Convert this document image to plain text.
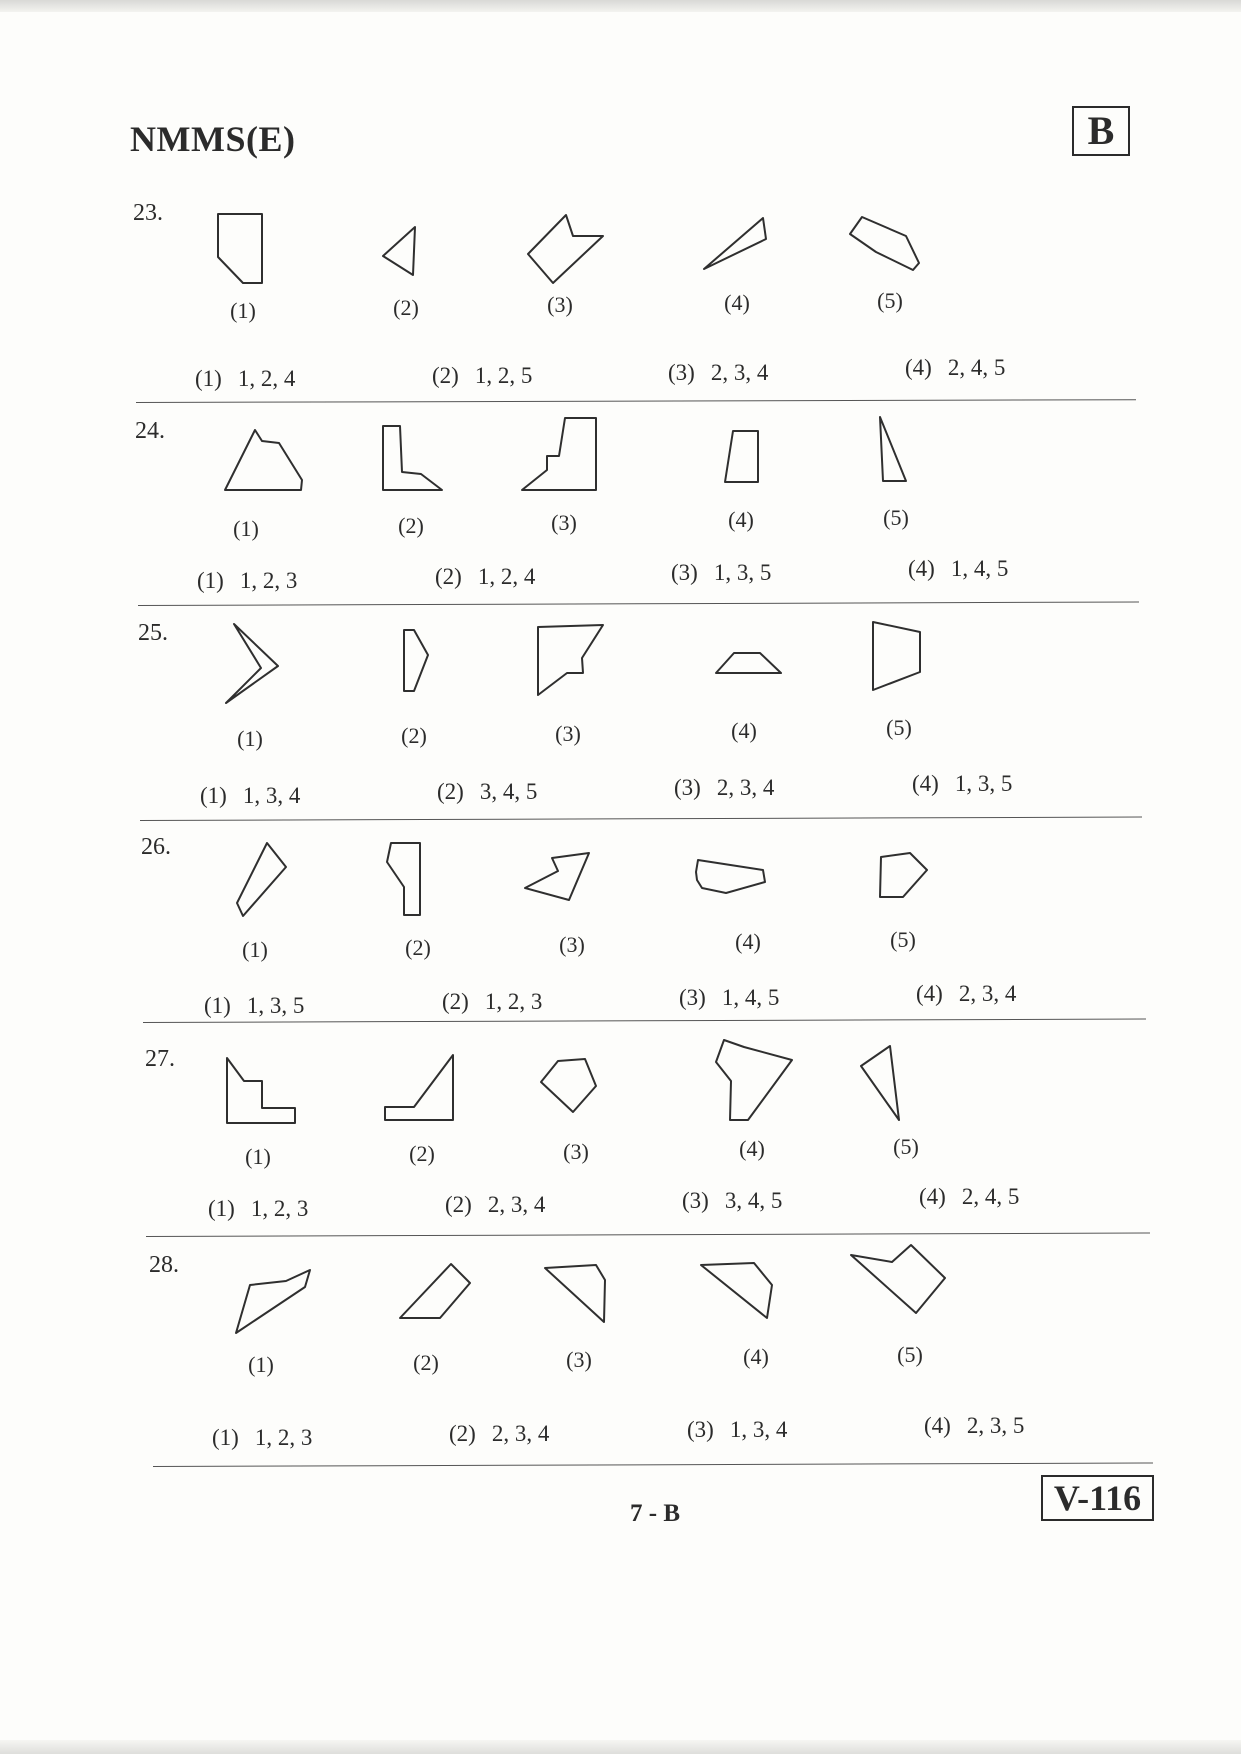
NMMS(E)	B
23.
(1)	(2)	(3)	(4)	(5)
(1) 1, 2, 4	(2) 1, 2, 5	(3) 2, 3, 4	(4) 2, 4, 5
24.
(1)	(2)	(3)	(4)	(5)
(1) 1, 2, 3	(2) 1, 2, 4	(3) 1, 3, 5	(4) 1, 4, 5
25.
(1)	(2)	(3)	(4)	(5)
(1) 1, 3, 4	(2) 3, 4, 5	(3) 2, 3, 4	(4) 1, 3, 5
26.
(1)	(2)	(3)	(4)	(5)
(1) 1, 3, 5	(2) 1, 2, 3	(3) 1, 4, 5	(4) 2, 3, 4
27.
(1)	(2)	(3)	(4)	(5)
(1) 1, 2, 3	(2) 2, 3, 4	(3) 3, 4, 5	(4) 2, 4, 5
28.
(1)	(2)	(3)	(4)	(5)
(1) 1, 2, 3	(2) 2, 3, 4	(3) 1, 3, 4	(4) 2, 3, 5
V-116
7 - B
